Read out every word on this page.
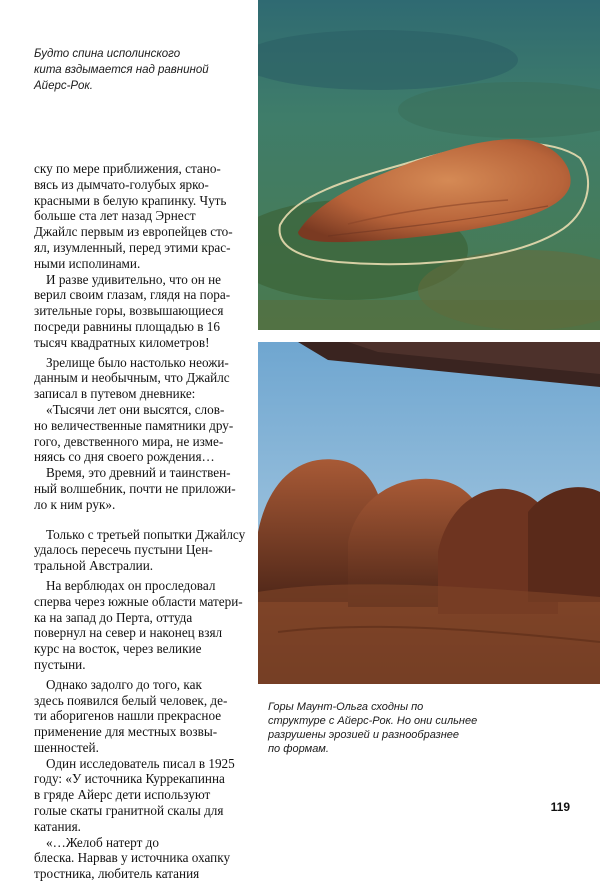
Будто спина исполинского
кита вздымается над равниной
Айерс-Рок.
ску по мере приближения, стано-
вясь из дымчато-голубых ярко-
красными в белую крапинку. Чуть
больше ста лет назад Эрнест
Джайлс первым из европейцев сто-
ял, изумленный, перед этими крас-
ными исполинами.
И разве удивительно, что он не
верил своим глазам, глядя на пора-
зительные горы, возвышающиеся
посреди равнины площадью в 16
тысяч квадратных километров!
Зрелище было настолько неожи-
данным и необычным, что Джайлс
записал в путевом дневнике:
«Тысячи лет они высятся, слов-
но величественные памятники дру-
гого, девственного мира, не изме-
няясь со дня своего рождения…
Время, это древний и таинствен-
ный волшебник, почти не приложи-
ло к ним рук».
Только с третьей попытки Джайлсу
удалось пересечь пустыни Цен-
тральной Австралии.
На верблюдах он проследовал
сперва через южные области матери-
ка на запад до Перта, оттуда
повернул на север и наконец взял
курс на восток, через великие
пустыни.
Однако задолго до того, как
здесь появился белый человек, де-
ти аборигенов нашли прекрасное
применение для местных возвы-
шенностей.
Один исследователь писал в 1925
году: «У источника Куррекапинна
в гряде Айерс дети используют
голые скаты гранитной скалы для
катания.
«…Желоб натерт до
блеска. Нарвав у источника охапку
тростника, любитель катания
Горы Маунт-Ольга сходны по
структуре с Айерс-Рок. Но они сильнее
разрушены эрозией и разнообразнее
по формам.
119
